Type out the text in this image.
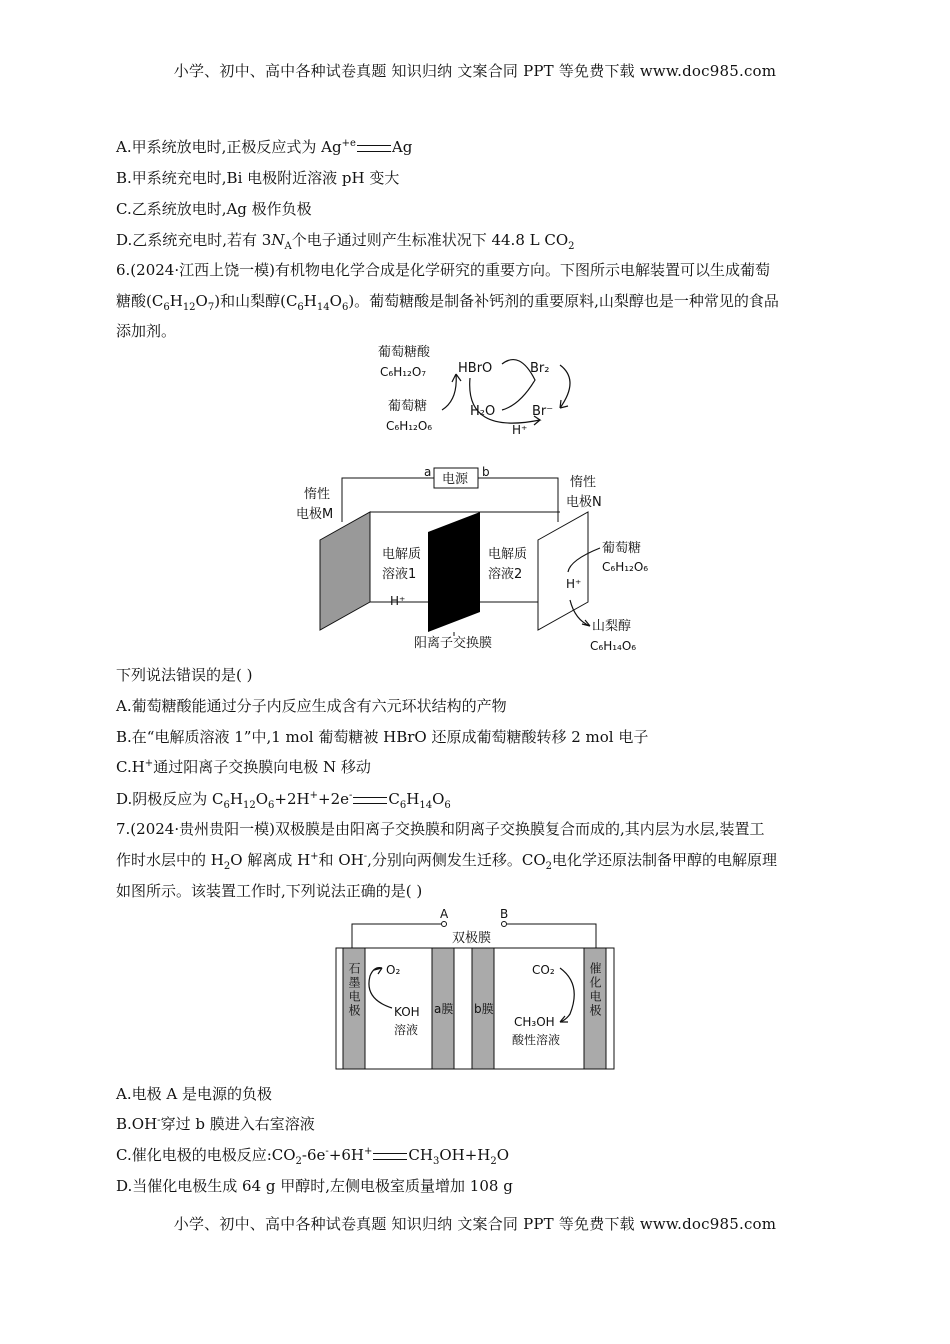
小学、初中、高中各种试卷真题 知识归纳 文案合同 PPT 等免费下载 www.doc985.com
A.甲系统放电时,正极反应式为 $Ag^{+e}$ Ag
B.甲系统充电时,Bi 电极附近溶液 pH 变大
C.乙系统放电时,Ag 极作负极
D.乙系统充电时,若有 $3N_A$个电子通过则产生标准状况下 44.8 L $CO_2$
6.(2024·江西上饶一模)有机物电化学合成是化学研究的重要方向。下图所示电解装置可以生成葡萄
糖酸$(C_6H_{12}O_7)$和山梨醇$(C_6H_{14}O_6)$。葡萄糖酸是制备补钙剂的重要原料,山梨醇也是一种常见的食品
添加剂。
葡萄糖酸
C₆H₁₂O₇
葡萄糖
C₆H₁₂O₆
HBrO	Br₂
H₂O	Br⁻
H⁺
电源
a	b
惰性
电极M
惰性
电极N
电解质
溶液1
H⁺
电解质
溶液2
阳离子交换膜
葡萄糖
C₆H₁₂O₆
H⁺
山梨醇
C₆H₁₄O₆
下列说法错误的是( )
A.葡萄糖酸能通过分子内反应生成含有六元环状结构的产物
B.在“电解质溶液 1”中,1 mol 葡萄糖被 HBrO 还原成葡萄糖酸转移 2 mol 电子
C.H+通过阳离子交换膜向电极 N 移动
D.阴极反应为 $C_6H_{12}O_6+2H^++2e^-$ $C_6H_{14}O_6$
7.(2024·贵州贵阳一模)双极膜是由阳离子交换膜和阴离子交换膜复合而成的,其内层为水层,装置工
作时水层中的 $H_2O$ 解离成 H+和 OH-,分别向两侧发生迁移。$CO_2$电化学还原法制备甲醇的电解原理
如图所示。该装置工作时,下列说法正确的是( )
A	B
双极膜
石墨电极	催化电极
a膜 b膜
O₂
KOH
溶液
CO₂
CH₃OH
酸性溶液
A.电极 A 是电源的负极
B.OH-穿过 b 膜进入右室溶液
C.催化电极的电极反应$:CO_2-6e^-+6H^+$ $CH_3OH+H_2O$
D.当催化电极生成 64 g 甲醇时,左侧电极室质量增加 108 g
小学、初中、高中各种试卷真题 知识归纳 文案合同 PPT 等免费下载 www.doc985.com
